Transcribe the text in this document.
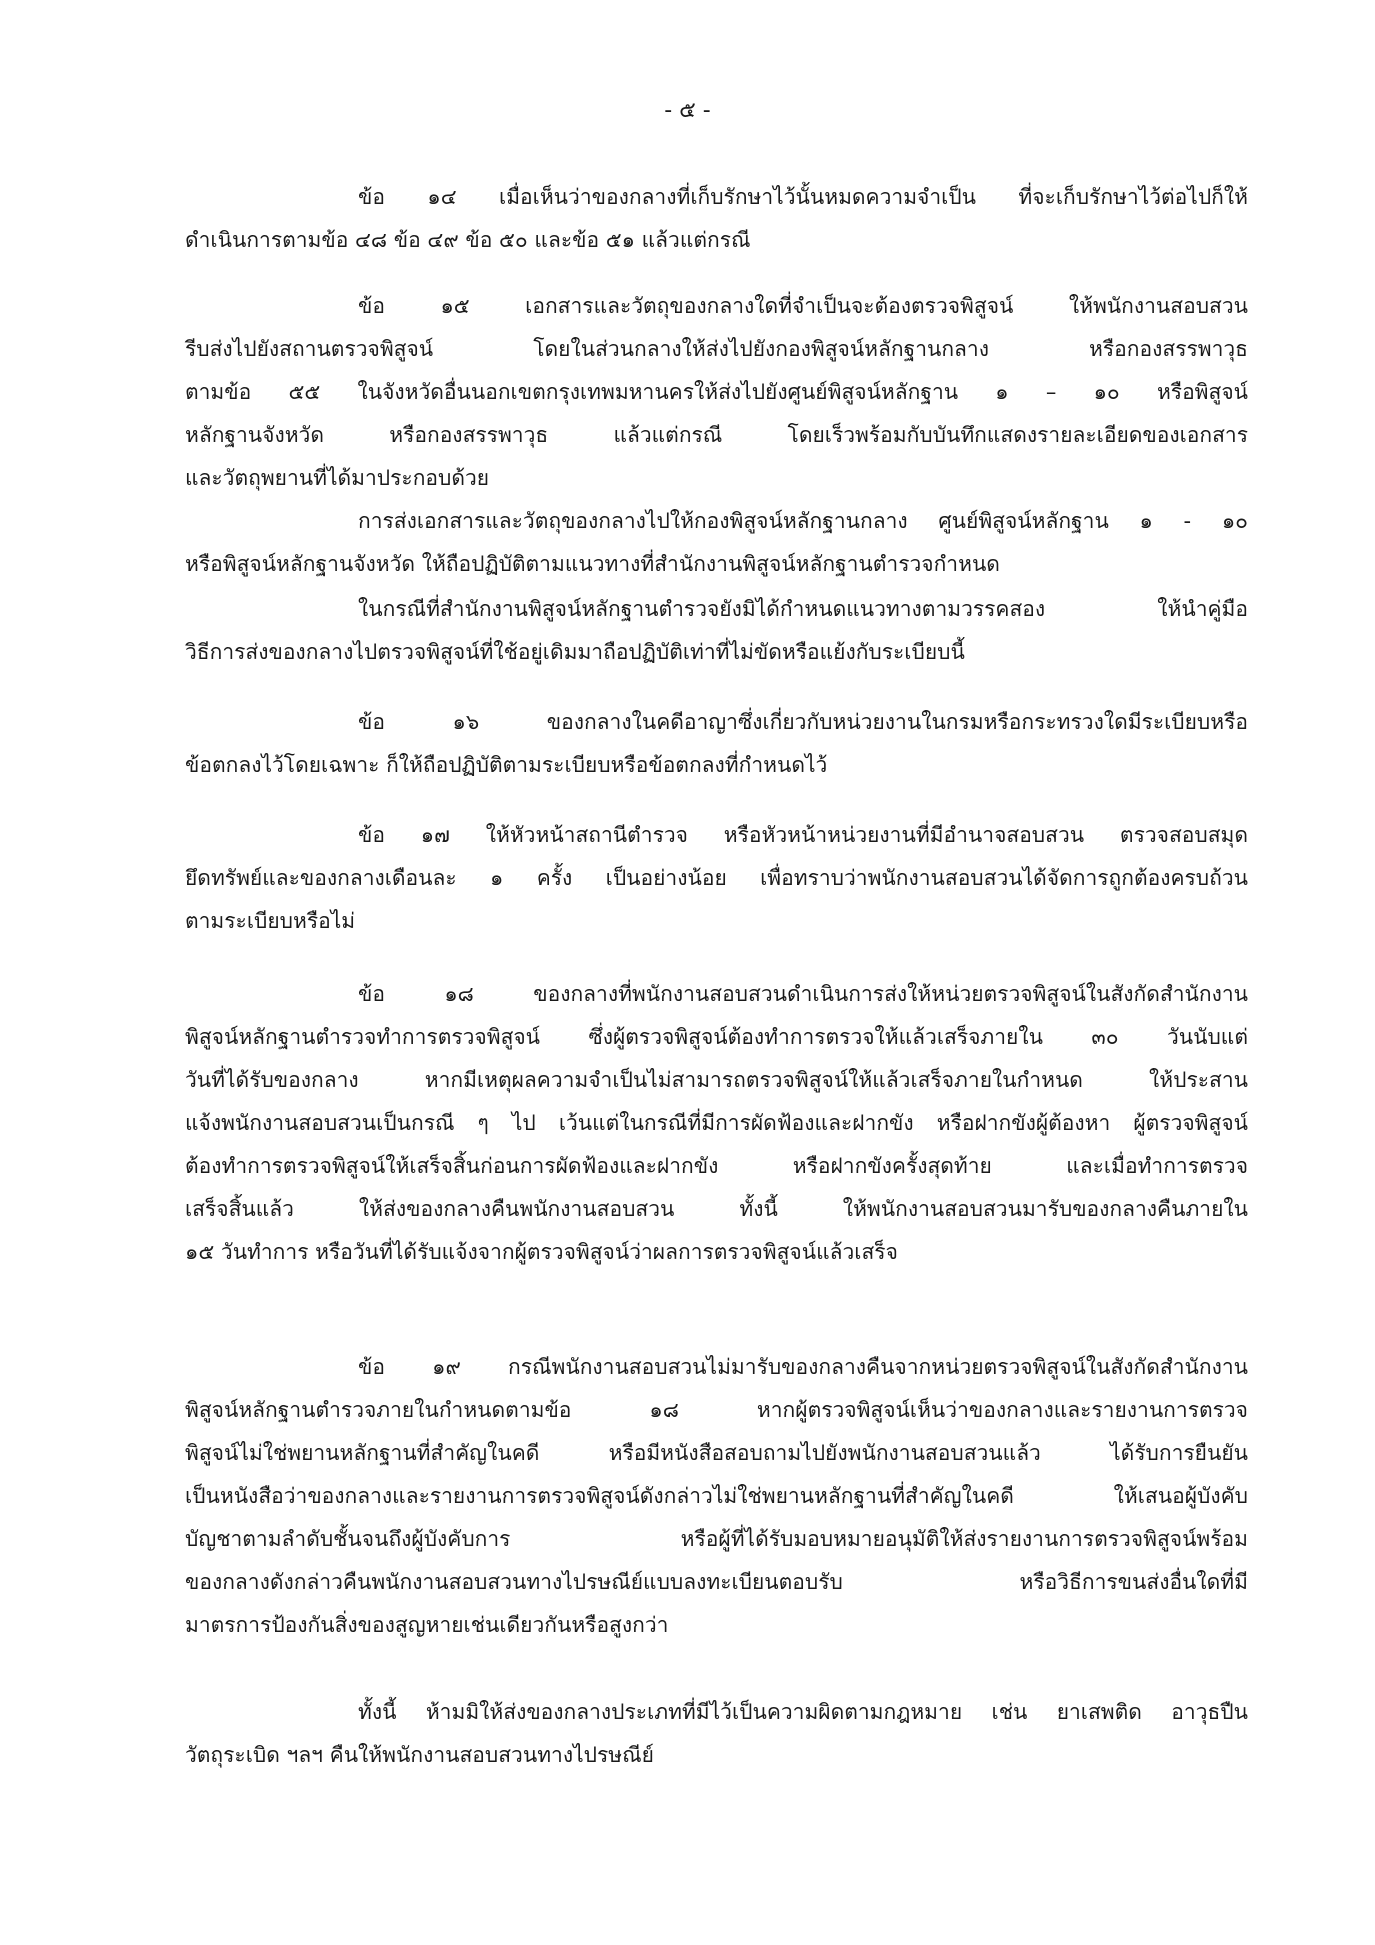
- ๕ -
ข้อ ๑๔ เมื่อเห็นว่าของกลางที่เก็บรักษาไว้นั้นหมดความจำเป็น ที่จะเก็บรักษาไว้ต่อไปก็ให้
ดำเนินการตามข้อ ๔๘ ข้อ ๔๙ ข้อ ๕๐ และข้อ ๕๑ แล้วแต่กรณี
ข้อ ๑๕ เอกสารและวัตถุของกลางใดที่จำเป็นจะต้องตรวจพิสูจน์ ให้พนักงานสอบสวน
รีบส่งไปยังสถานตรวจพิสูจน์ โดยในส่วนกลางให้ส่งไปยังกองพิสูจน์หลักฐานกลาง หรือกองสรรพาวุธ
ตามข้อ ๕๕ ในจังหวัดอื่นนอกเขตกรุงเทพมหานครให้ส่งไปยังศูนย์พิสูจน์หลักฐาน ๑ – ๑๐ หรือพิสูจน์
หลักฐานจังหวัด หรือกองสรรพาวุธ แล้วแต่กรณี โดยเร็วพร้อมกับบันทึกแสดงรายละเอียดของเอกสาร
และวัตถุพยานที่ได้มาประกอบด้วย
การส่งเอกสารและวัตถุของกลางไปให้กองพิสูจน์หลักฐานกลาง ศูนย์พิสูจน์หลักฐาน ๑ - ๑๐
หรือพิสูจน์หลักฐานจังหวัด ให้ถือปฏิบัติตามแนวทางที่สำนักงานพิสูจน์หลักฐานตำรวจกำหนด
ในกรณีที่สำนักงานพิสูจน์หลักฐานตำรวจยังมิได้กำหนดแนวทางตามวรรคสอง ให้นำคู่มือ
วิธีการส่งของกลางไปตรวจพิสูจน์ที่ใช้อยู่เดิมมาถือปฏิบัติเท่าที่ไม่ขัดหรือแย้งกับระเบียบนี้
ข้อ ๑๖ ของกลางในคดีอาญาซึ่งเกี่ยวกับหน่วยงานในกรมหรือกระทรวงใดมีระเบียบหรือ
ข้อตกลงไว้โดยเฉพาะ ก็ให้ถือปฏิบัติตามระเบียบหรือข้อตกลงที่กำหนดไว้
ข้อ ๑๗ ให้หัวหน้าสถานีตำรวจ หรือหัวหน้าหน่วยงานที่มีอำนาจสอบสวน ตรวจสอบสมุด
ยึดทรัพย์และของกลางเดือนละ ๑ ครั้ง เป็นอย่างน้อย เพื่อทราบว่าพนักงานสอบสวนได้จัดการถูกต้องครบถ้วน
ตามระเบียบหรือไม่
ข้อ ๑๘ ของกลางที่พนักงานสอบสวนดำเนินการส่งให้หน่วยตรวจพิสูจน์ในสังกัดสำนักงาน
พิสูจน์หลักฐานตำรวจทำการตรวจพิสูจน์ ซึ่งผู้ตรวจพิสูจน์ต้องทำการตรวจให้แล้วเสร็จภายใน ๓๐ วันนับแต่
วันที่ได้รับของกลาง หากมีเหตุผลความจำเป็นไม่สามารถตรวจพิสูจน์ให้แล้วเสร็จภายในกำหนด ให้ประสาน
แจ้งพนักงานสอบสวนเป็นกรณี ๆ ไป เว้นแต่ในกรณีที่มีการผัดฟ้องและฝากขัง หรือฝากขังผู้ต้องหา ผู้ตรวจพิสูจน์
ต้องทำการตรวจพิสูจน์ให้เสร็จสิ้นก่อนการผัดฟ้องและฝากขัง หรือฝากขังครั้งสุดท้าย และเมื่อทำการตรวจ
เสร็จสิ้นแล้ว ให้ส่งของกลางคืนพนักงานสอบสวน ทั้งนี้ ให้พนักงานสอบสวนมารับของกลางคืนภายใน
๑๕ วันทำการ หรือวันที่ได้รับแจ้งจากผู้ตรวจพิสูจน์ว่าผลการตรวจพิสูจน์แล้วเสร็จ
ข้อ ๑๙ กรณีพนักงานสอบสวนไม่มารับของกลางคืนจากหน่วยตรวจพิสูจน์ในสังกัดสำนักงาน
พิสูจน์หลักฐานตำรวจภายในกำหนดตามข้อ ๑๘ หากผู้ตรวจพิสูจน์เห็นว่าของกลางและรายงานการตรวจ
พิสูจน์ไม่ใช่พยานหลักฐานที่สำคัญในคดี หรือมีหนังสือสอบถามไปยังพนักงานสอบสวนแล้ว ได้รับการยืนยัน
เป็นหนังสือว่าของกลางและรายงานการตรวจพิสูจน์ดังกล่าวไม่ใช่พยานหลักฐานที่สำคัญในคดี ให้เสนอผู้บังคับ
บัญชาตามลำดับชั้นจนถึงผู้บังคับการ หรือผู้ที่ได้รับมอบหมายอนุมัติให้ส่งรายงานการตรวจพิสูจน์พร้อม
ของกลางดังกล่าวคืนพนักงานสอบสวนทางไปรษณีย์แบบลงทะเบียนตอบรับ หรือวิธีการขนส่งอื่นใดที่มี
มาตรการป้องกันสิ่งของสูญหายเช่นเดียวกันหรือสูงกว่า
ทั้งนี้ ห้ามมิให้ส่งของกลางประเภทที่มีไว้เป็นความผิดตามกฎหมาย เช่น ยาเสพติด อาวุธปืน
วัตถุระเบิด ฯลฯ คืนให้พนักงานสอบสวนทางไปรษณีย์
